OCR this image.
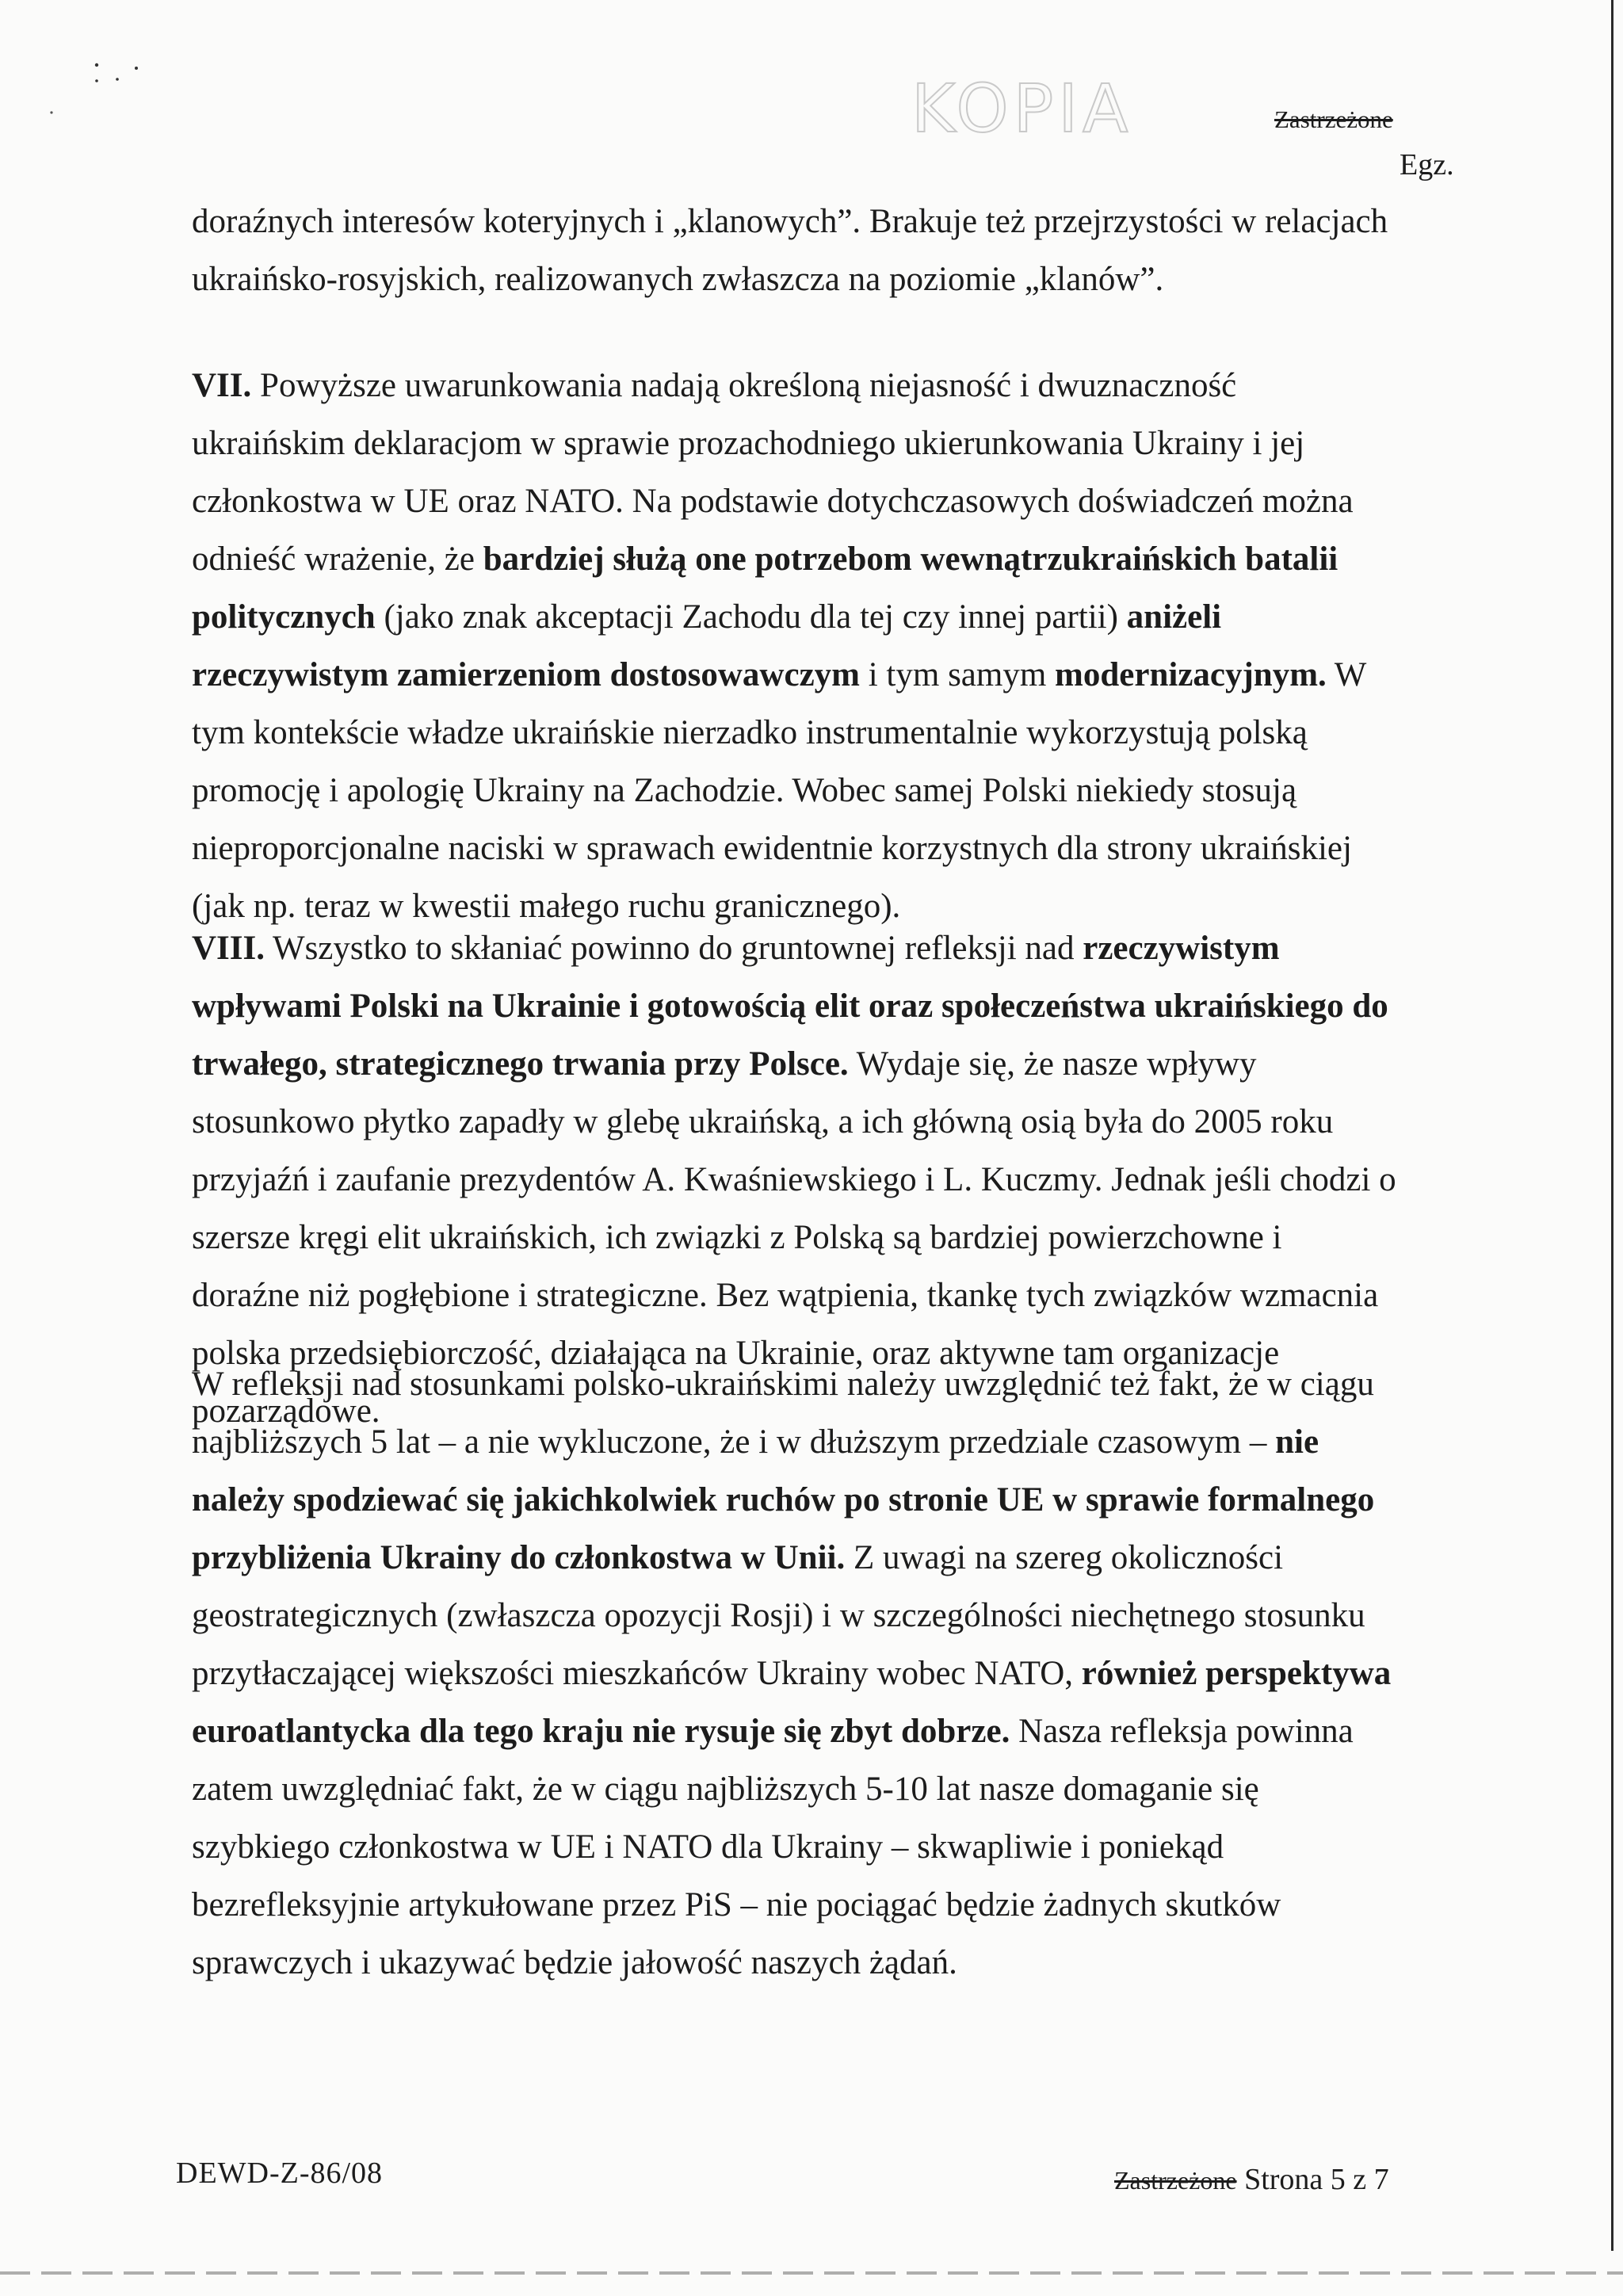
KOPIA	Zastrzeżone
Egz.

doraźnych interesów koteryjnych i „klanowych”. Brakuje też przejrzystości w relacjach ukraińsko-rosyjskich, realizowanych zwłaszcza na poziomie „klanów”.

VII. Powyższe uwarunkowania nadają określoną niejasność i dwuznaczność ukraińskim deklaracjom w sprawie prozachodniego ukierunkowania Ukrainy i jej członkostwa w UE oraz NATO. Na podstawie dotychczasowych doświadczeń można odnieść wrażenie, że bardziej służą one potrzebom wewnątrzukraińskich batalii politycznych (jako znak akceptacji Zachodu dla tej czy innej partii) aniżeli rzeczywistym zamierzeniom dostosowawczym i tym samym modernizacyjnym. W tym kontekście władze ukraińskie nierzadko instrumentalnie wykorzystują polską promocję i apologię Ukrainy na Zachodzie. Wobec samej Polski niekiedy stosują nieproporcjonalne naciski w sprawach ewidentnie korzystnych dla strony ukraińskiej (jak np. teraz w kwestii małego ruchu granicznego).

VIII. Wszystko to skłaniać powinno do gruntownej refleksji nad rzeczywistym wpływami Polski na Ukrainie i gotowością elit oraz społeczeństwa ukraińskiego do trwałego, strategicznego trwania przy Polsce. Wydaje się, że nasze wpływy stosunkowo płytko zapadły w glebę ukraińską, a ich główną osią była do 2005 roku przyjaźń i zaufanie prezydentów A. Kwaśniewskiego i L. Kuczmy. Jednak jeśli chodzi o szersze kręgi elit ukraińskich, ich związki z Polską są bardziej powierzchowne i doraźne niż pogłębione i strategiczne. Bez wątpienia, tkankę tych związków wzmacnia polska przedsiębiorczość, działająca na Ukrainie, oraz aktywne tam organizacje pozarządowe.

W refleksji nad stosunkami polsko-ukraińskimi należy uwzględnić też fakt, że w ciągu najbliższych 5 lat – a nie wykluczone, że i w dłuższym przedziale czasowym – nie należy spodziewać się jakichkolwiek ruchów po stronie UE w sprawie formalnego przybliżenia Ukrainy do członkostwa w Unii. Z uwagi na szereg okoliczności geostrategicznych (zwłaszcza opozycji Rosji) i w szczególności niechętnego stosunku przytłaczającej większości mieszkańców Ukrainy wobec NATO, również perspektywa euroatlantycka dla tego kraju nie rysuje się zbyt dobrze. Nasza refleksja powinna zatem uwzględniać fakt, że w ciągu najbliższych 5-10 lat nasze domaganie się szybkiego członkostwa w UE i NATO dla Ukrainy – skwapliwie i poniekąd bezrefleksyjnie artykułowane przez PiS – nie pociągać będzie żadnych skutków sprawczych i ukazywać będzie jałowość naszych żądań.

DEWD-Z-86/08	Zastrzeżone Strona 5 z 7
